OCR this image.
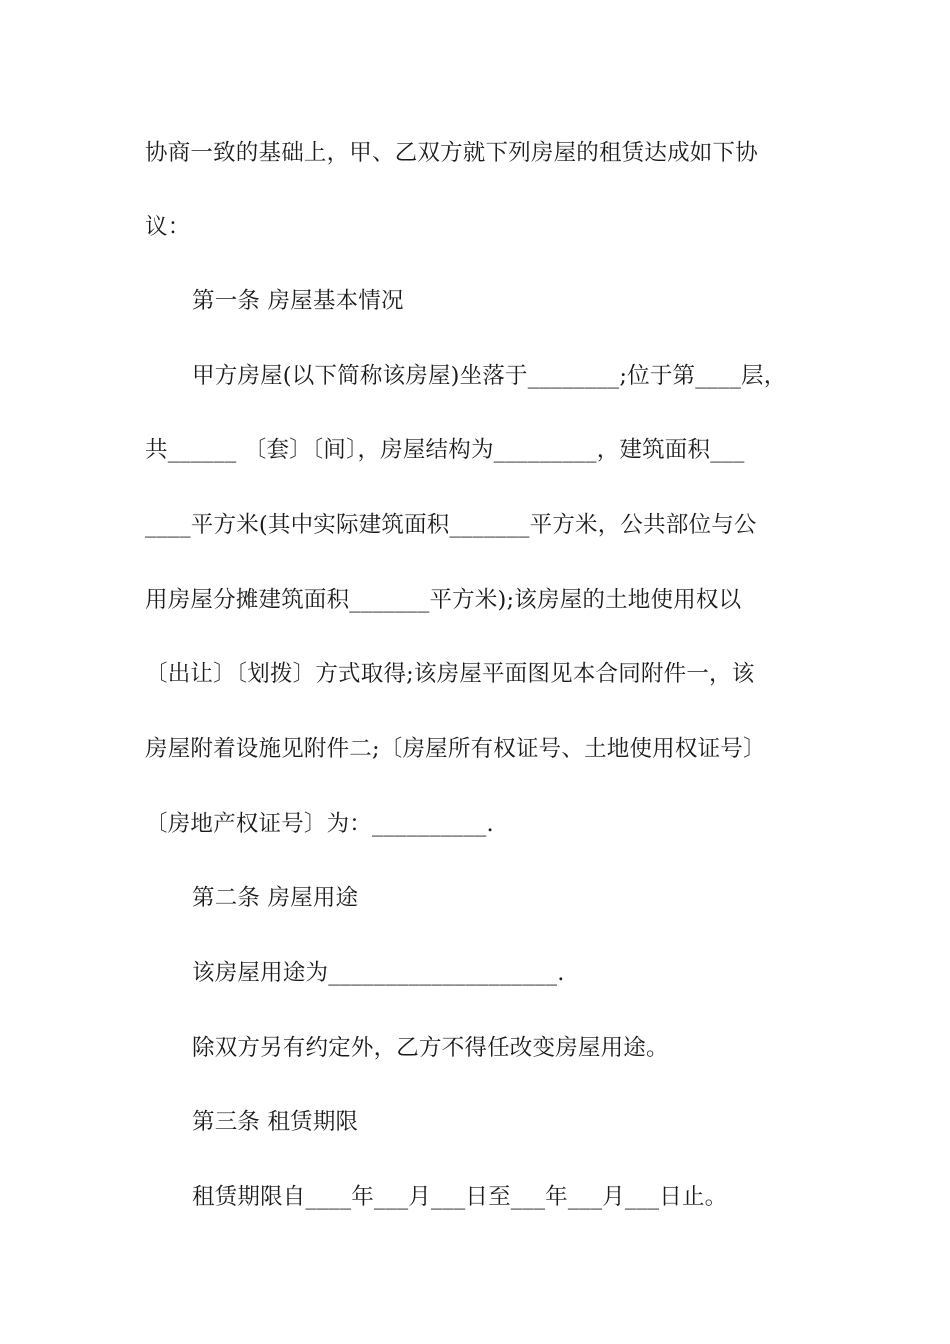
协商一致的基础上，甲、乙双方就下列房屋的租赁达成如下协
议：
第一条 房屋基本情况
甲方房屋(以下简称该房屋)坐落于________;位于第____层，
共______ 〔套〕〔间〕，房屋结构为_________，建筑面积___
____平方米(其中实际建筑面积_______平方米，公共部位与公
用房屋分摊建筑面积_______平方米);该房屋的土地使用权以
〔出让〕〔划拨〕方式取得;该房屋平面图见本合同附件一，该
房屋附着设施见附件二;〔房屋所有权证号、土地使用权证号〕
〔房地产权证号〕为：__________.
第二条 房屋用途
该房屋用途为____________________.
除双方另有约定外，乙方不得任改变房屋用途。
第三条 租赁期限
租赁期限自____年___月___日至___年___月___日止。
